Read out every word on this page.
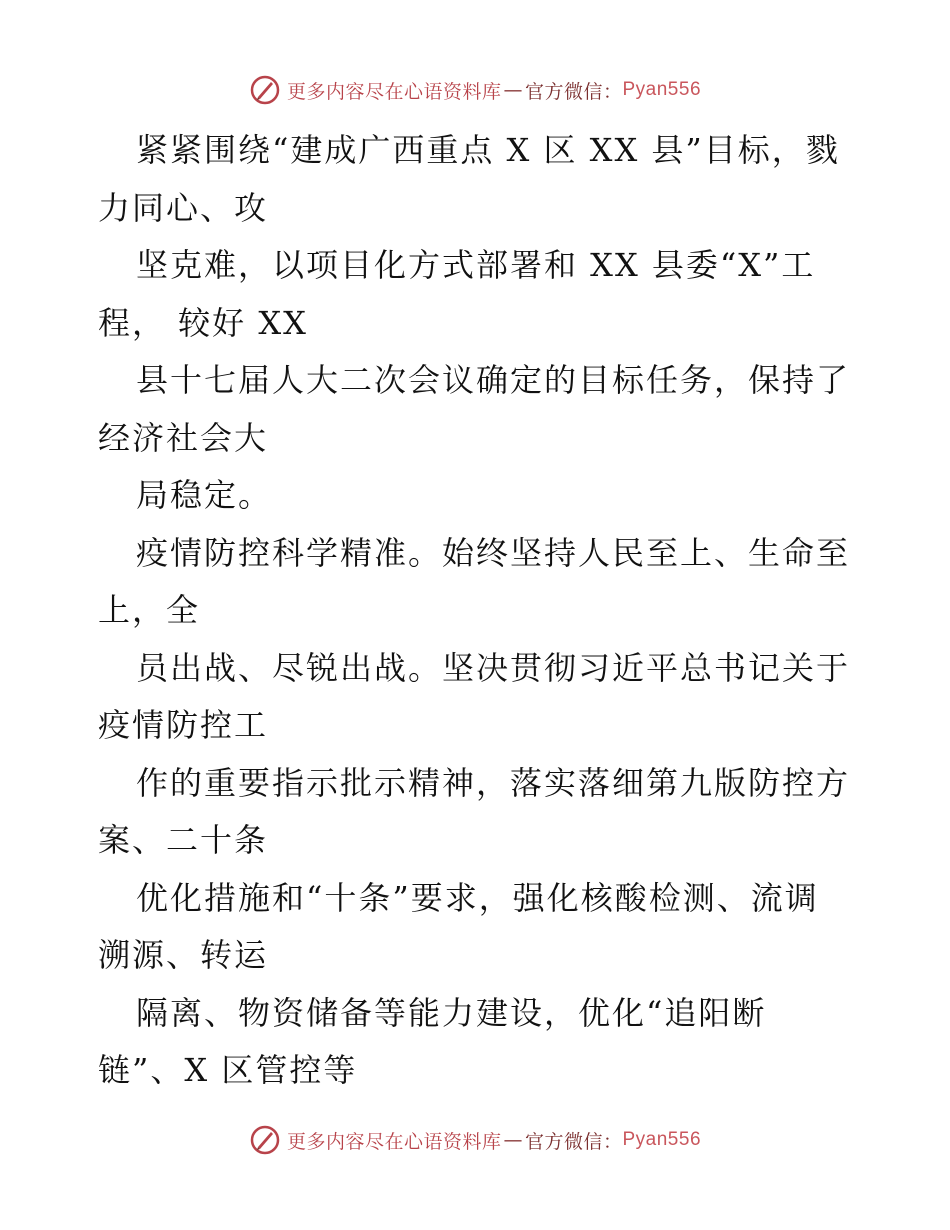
更多内容尽在心语资料库 — 官方微信： Pyan556
紧紧围绕“建成广西重点 X 区 XX 县”目标，戮
力同心、攻
坚克难，以项目化方式部署和 XX 县委“X”工
程， 较好 XX
县十七届人大二次会议确定的目标任务，保持了
经济社会大
局稳定。
疫情防控科学精准。始终坚持人民至上、生命至
上，全
员出战、尽锐出战。坚决贯彻习近平总书记关于
疫情防控工
作的重要指示批示精神，落实落细第九版防控方
案、二十条
优化措施和“十条”要求，强化核酸检测、流调
溯源、转运
隔离、物资储备等能力建设，优化“追阳断
链”、X 区管控等
更多内容尽在心语资料库 — 官方微信： Pyan556
